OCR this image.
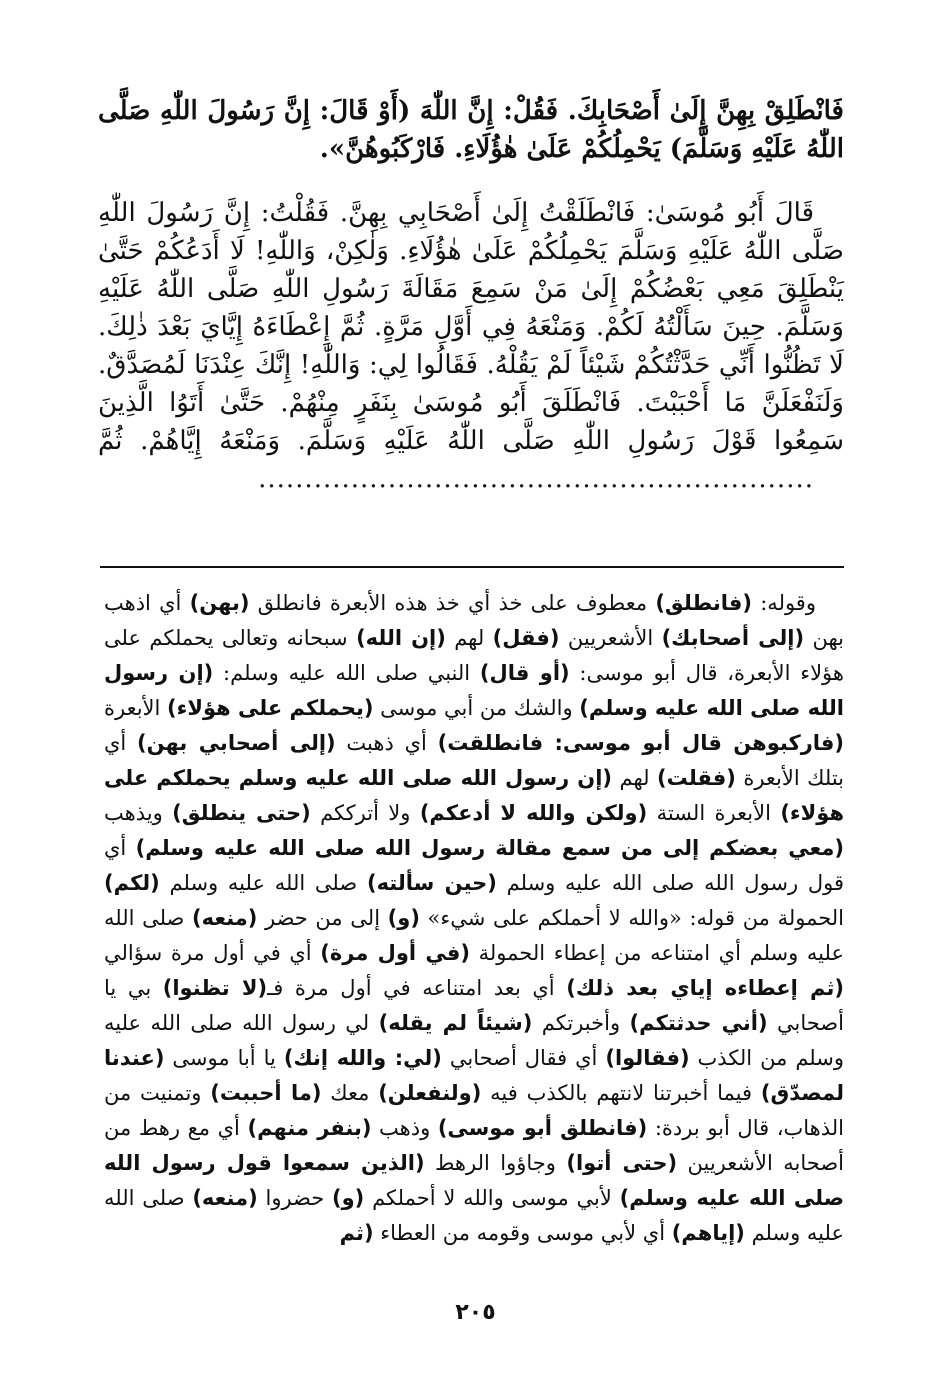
فَانْطَلِقْ بِهِنَّ إِلَىٰ أَصْحَابِكَ. فَقُلْ: إِنَّ اللّٰهَ (أَوْ قَالَ: إِنَّ رَسُولَ اللّٰهِ صَلَّى اللّٰهُ عَلَيْهِ وَسَلَّمَ) يَحْمِلُكُمْ عَلَىٰ هٰؤُلَاءِ. فَارْكَبُوهُنَّ».

قَالَ أَبُو مُوسَىٰ: فَانْطَلَقْتُ إِلَىٰ أَصْحَابِي بِهِنَّ. فَقُلْتُ: إِنَّ رَسُولَ اللّٰهِ صَلَّى اللّٰهُ عَلَيْهِ وَسَلَّمَ يَحْمِلُكُمْ عَلَىٰ هٰؤُلَاءِ. وَلٰكِنْ، وَاللّٰهِ! لَا أَدَعُكُمْ حَتَّىٰ يَنْطَلِقَ مَعِي بَعْضُكُمْ إِلَىٰ مَنْ سَمِعَ مَقَالَةَ رَسُولِ اللّٰهِ صَلَّى اللّٰهُ عَلَيْهِ وَسَلَّمَ. حِينَ سَأَلْتُهُ لَكُمْ. وَمَنْعَهُ فِي أَوَّلِ مَرَّةٍ. ثُمَّ إِعْطَاءَهُ إِيَّايَ بَعْدَ ذٰلِكَ. لَا تَظُنُّوا أَنِّي حَدَّثْتُكُمْ شَيْئاً لَمْ يَقُلْهُ. فَقَالُوا لِي: وَاللّٰهِ! إِنَّكَ عِنْدَنَا لَمُصَدَّقٌ. وَلَنَفْعَلَنَّ مَا أَحْبَبْتَ. فَانْطَلَقَ أَبُو مُوسَىٰ بِنَفَرٍ مِنْهُمْ. حَتَّىٰ أَتَوُا الَّذِينَ سَمِعُوا قَوْلَ رَسُولِ اللّٰهِ صَلَّى اللّٰهُ عَلَيْهِ وَسَلَّمَ. وَمَنْعَهُ إِيَّاهُمْ. ثُمَّ ............................................................

وقوله: (فانطلق) معطوف على خذ أي خذ هذه الأبعرة فانطلق (بهن) أي اذهب بهن (إلى أصحابك) الأشعريين (فقل) لهم (إن الله) سبحانه وتعالى يحملكم على هؤلاء الأبعرة، قال أبو موسى: (أو قال) النبي صلى الله عليه وسلم: (إن رسول الله صلى الله عليه وسلم) والشك من أبي موسى (يحملكم على هؤلاء) الأبعرة (فاركبوهن قال أبو موسى: فانطلقت) أي ذهبت (إلى أصحابي بهن) أي بتلك الأبعرة (فقلت) لهم (إن رسول الله صلى الله عليه وسلم يحملكم على هؤلاء) الأبعرة الستة (ولكن والله لا أدعكم) ولا أترككم (حتى ينطلق) ويذهب (معي بعضكم إلى من سمع مقالة رسول الله صلى الله عليه وسلم) أي قول رسول الله صلى الله عليه وسلم (حين سألته) صلى الله عليه وسلم (لكم) الحمولة من قوله: «والله لا أحملكم على شيء» (و) إلى من حضر (منعه) صلى الله عليه وسلم أي امتناعه من إعطاء الحمولة (في أول مرة) أي في أول مرة سؤالي (ثم إعطاءه إياي بعد ذلك) أي بعد امتناعه في أول مرة فـ(لا تظنوا) بي يا أصحابي (أني حدثتكم) وأخبرتكم (شيئاً لم يقله) لي رسول الله صلى الله عليه وسلم من الكذب (فقالوا) أي فقال أصحابي (لي: والله إنك) يا أبا موسى (عندنا لمصدّق) فيما أخبرتنا لانتهم بالكذب فيه (ولنفعلن) معك (ما أحببت) وتمنيت من الذهاب، قال أبو بردة: (فانطلق أبو موسى) وذهب (بنفر منهم) أي مع رهط من أصحابه الأشعريين (حتى أتوا) وجاؤوا الرهط (الذين سمعوا قول رسول الله صلى الله عليه وسلم) لأبي موسى والله لا أحملكم (و) حضروا (منعه) صلى الله عليه وسلم (إياهم) أي لأبي موسى وقومه من العطاء (ثم

٢٠٥
